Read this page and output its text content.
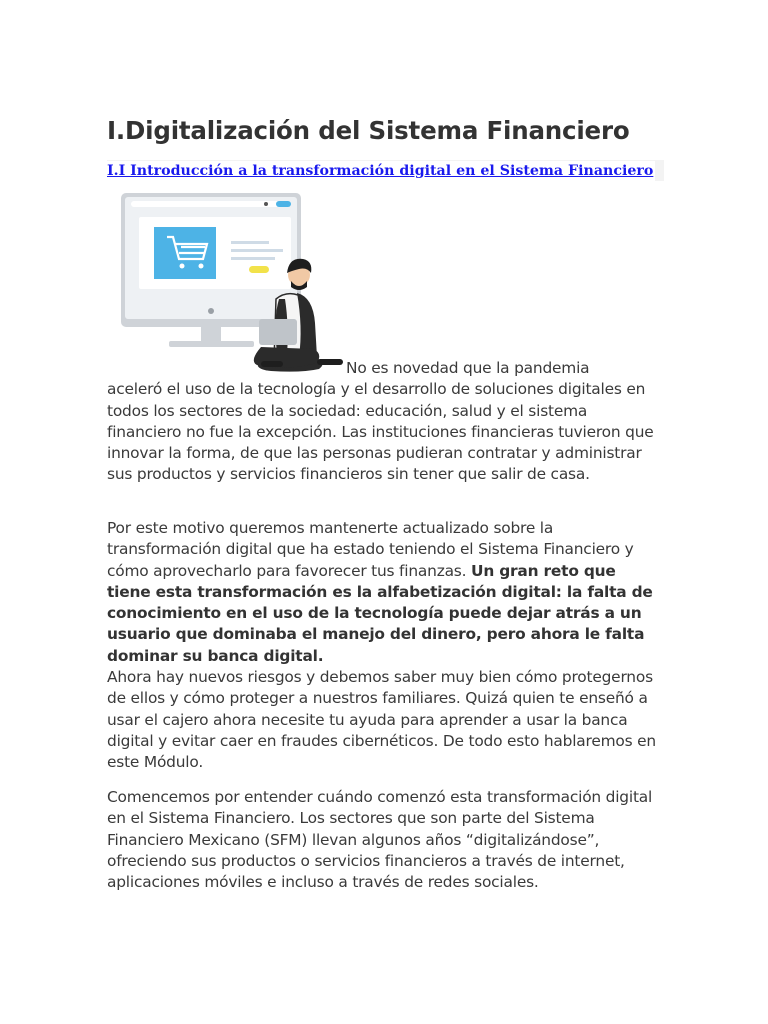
I.Digitalización del Sistema Financiero
I.I Introducción a la transformación digital en el Sistema Financiero

No es novedad que la pandemia
aceleró el uso de la tecnología y el desarrollo de soluciones digitales en todos los sectores de la sociedad: educación, salud y el sistema financiero no fue la excepción. Las instituciones financieras tuvieron que innovar la forma, de que las personas pudieran contratar y administrar sus productos y servicios financieros sin tener que salir de casa.

Por este motivo queremos mantenerte actualizado sobre la transformación digital que ha estado teniendo el Sistema Financiero y cómo aprovecharlo para favorecer tus finanzas. Un gran reto que tiene esta transformación es la alfabetización digital: la falta de conocimiento en el uso de la tecnología puede dejar atrás a un usuario que dominaba el manejo del dinero, pero ahora le falta dominar su banca digital.
Ahora hay nuevos riesgos y debemos saber muy bien cómo protegernos de ellos y cómo proteger a nuestros familiares. Quizá quien te enseñó a usar el cajero ahora necesite tu ayuda para aprender a usar la banca digital y evitar caer en fraudes cibernéticos. De todo esto hablaremos en este Módulo.

Comencemos por entender cuándo comenzó esta transformación digital en el Sistema Financiero. Los sectores que son parte del Sistema Financiero Mexicano (SFM) llevan algunos años “digitalizándose”, ofreciendo sus productos o servicios financieros a través de internet, aplicaciones móviles e incluso a través de redes sociales.
